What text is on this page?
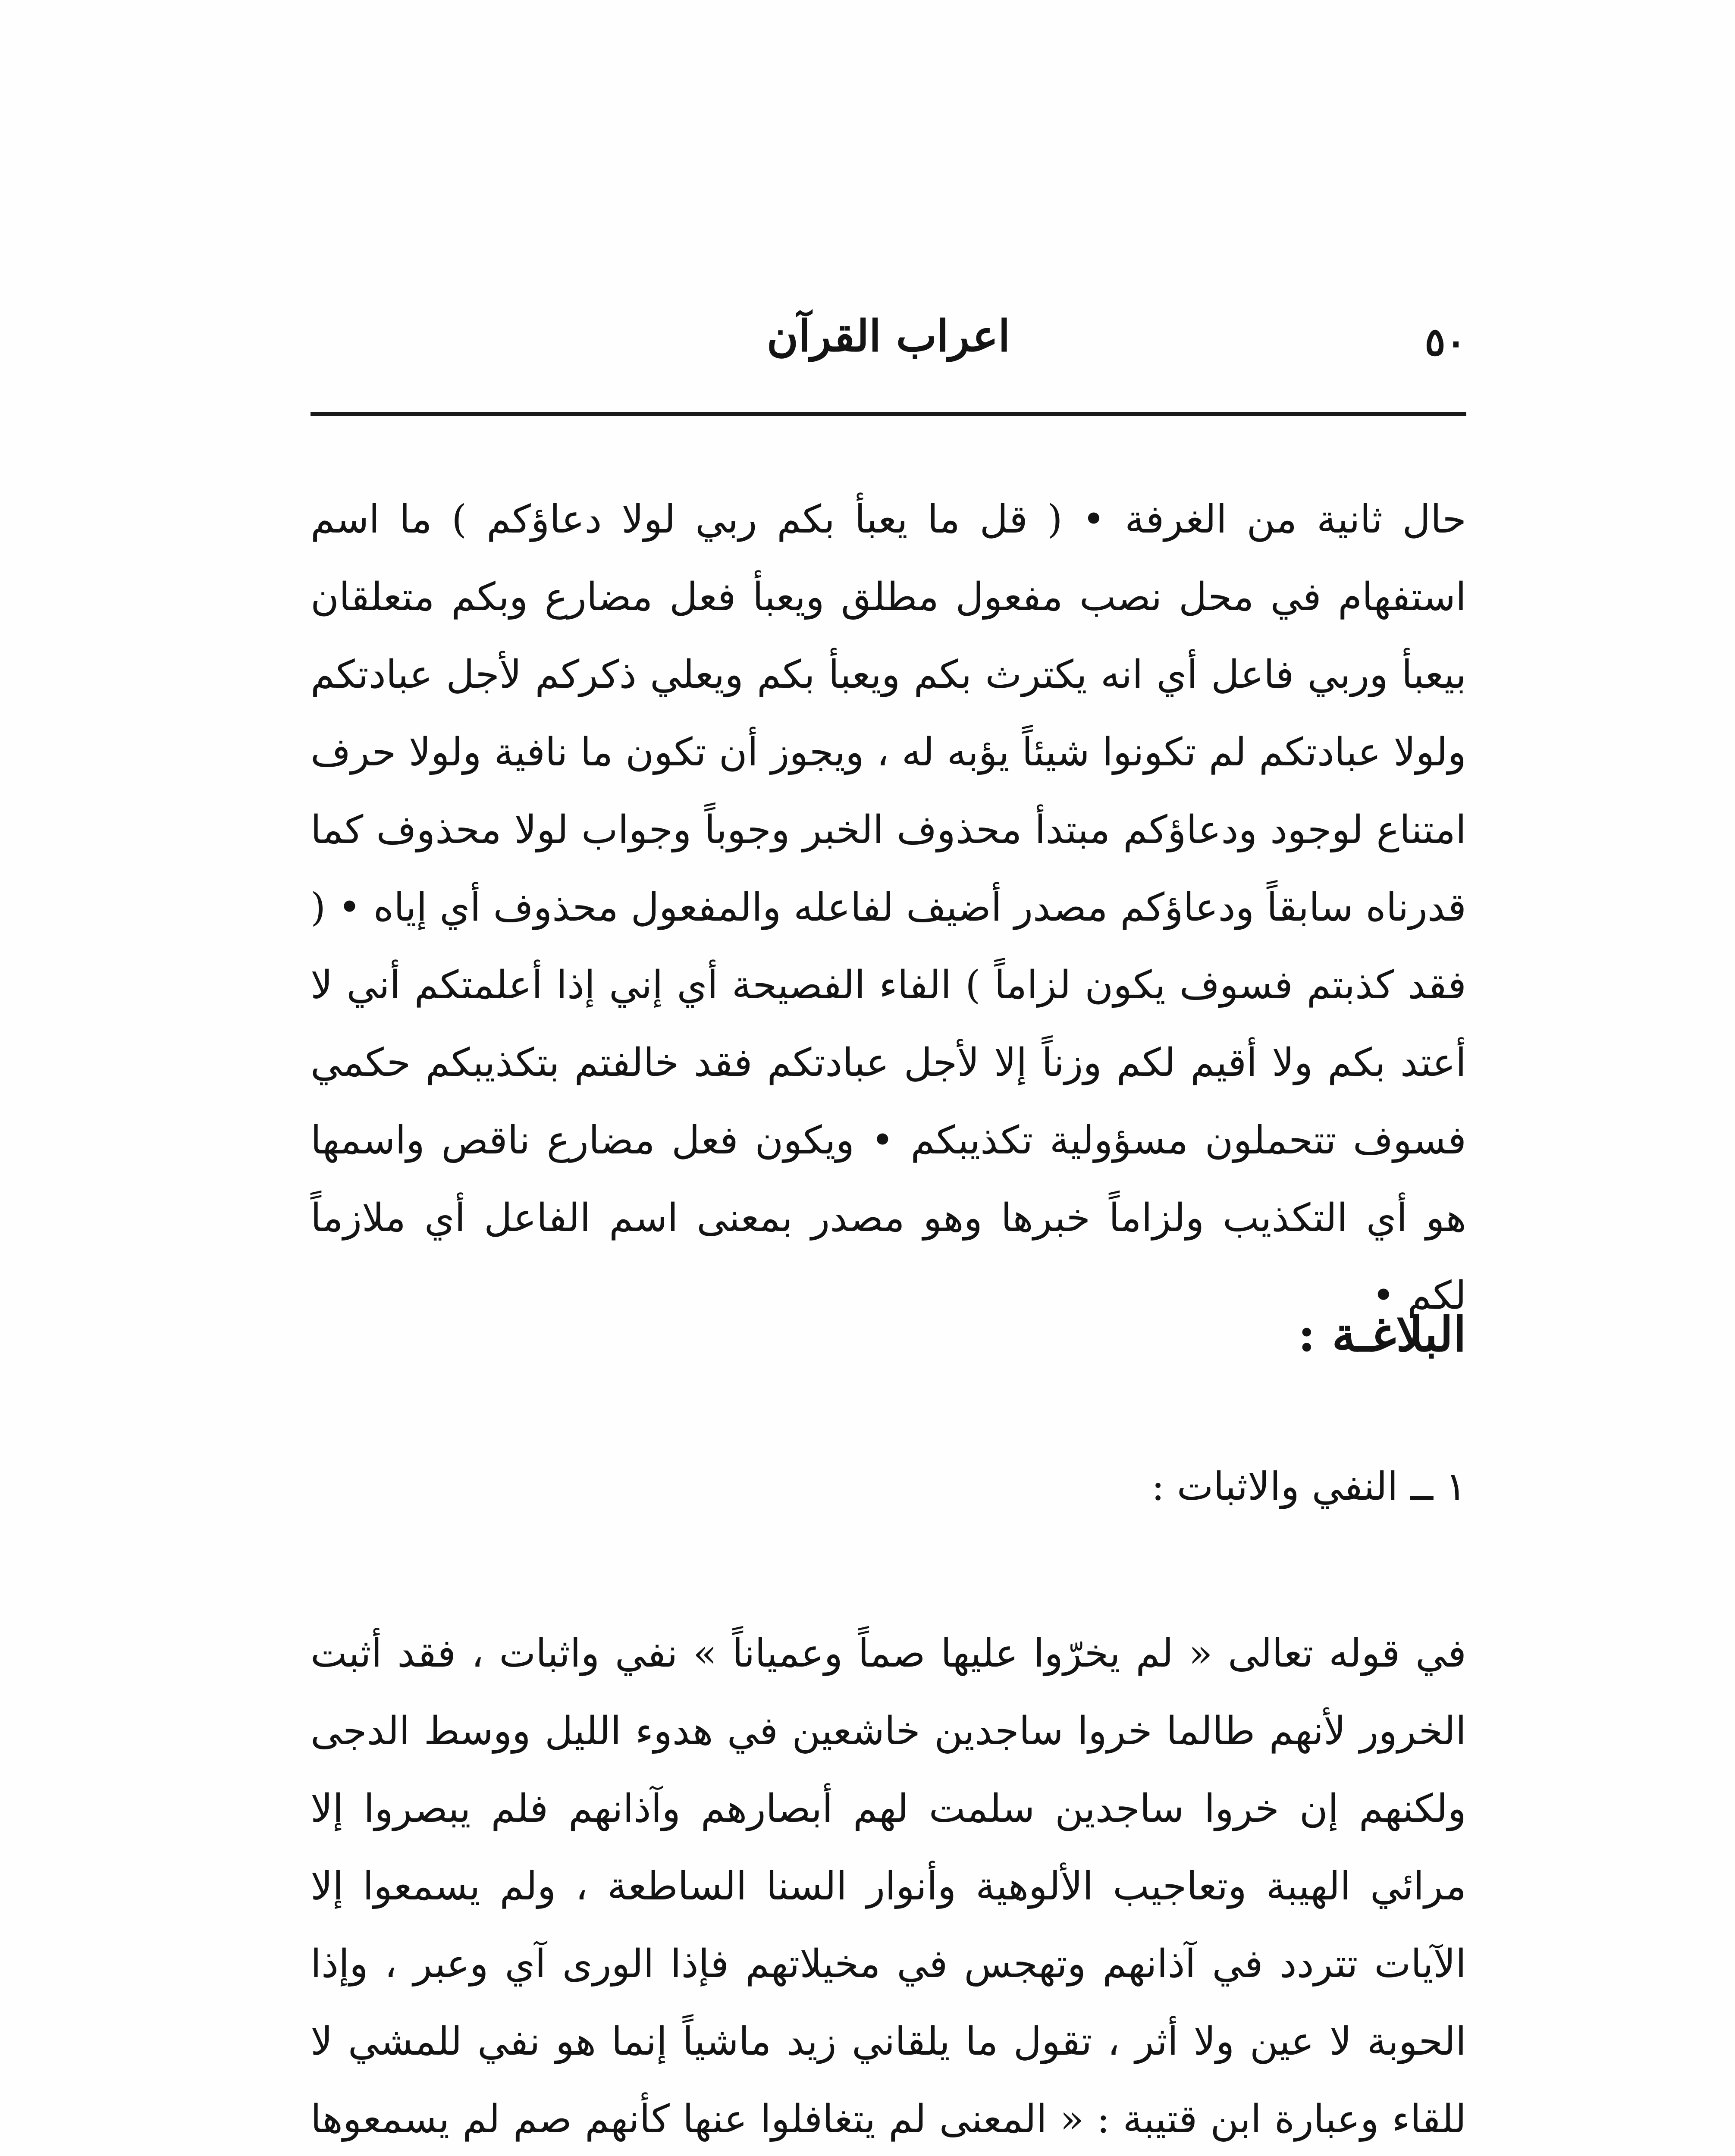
٥٠
اعراب القرآن

حال ثانية من الغرفة • ( قل ما يعبأ بكم ربي لولا دعاؤكم ) ما اسم استفهام في محل نصب مفعول مطلق ويعبأ فعل مضارع وبكم متعلقان بيعبأ وربي فاعل أي انه يكترث بكم ويعبأ بكم ويعلي ذكركم لأجل عبادتكم ولولا عبادتكم لم تكونوا شيئاً يؤبه له ، ويجوز أن تكون ما نافية ولولا حرف امتناع لوجود ودعاؤكم مبتدأ محذوف الخبر وجوباً وجواب لولا محذوف كما قدرناه سابقاً ودعاؤكم مصدر أضيف لفاعله والمفعول محذوف أي إياه • ( فقد كذبتم فسوف يكون لزاماً ) الفاء الفصيحة أي إني إذا أعلمتكم أني لا أعتد بكم ولا أقيم لكم وزناً إلا لأجل عبادتكم فقد خالفتم بتكذيبكم حكمي فسوف تتحملون مسؤولية تكذيبكم • ويكون فعل مضارع ناقص واسمها هو أي التكذيب ولزاماً خبرها وهو مصدر بمعنى اسم الفاعل أي ملازماً لكم •

البلاغـة :
١ ــ النفي والاثبات :

في قوله تعالى « لم يخرّوا عليها صماً وعمياناً » نفي واثبات ، فقد أثبت الخرور لأنهم طالما خروا ساجدين خاشعين في هدوء الليل ووسط الدجى ولكنهم إن خروا ساجدين سلمت لهم أبصارهم وآذانهم فلم يبصروا إلا مرائي الهيبة وتعاجيب الألوهية وأنوار السنا الساطعة ، ولم يسمعوا إلا الآيات تتردد في آذانهم وتهجس في مخيلاتهم فإذا الورى آي وعبر ، وإذا الحوبة لا عين ولا أثر ، تقول ما يلقاني زيد ماشياً إنما هو نفي للمشي لا للقاء وعبارة ابن قتيبة : « المعنى لم يتغافلوا عنها كأنهم صم لم يسمعوها
